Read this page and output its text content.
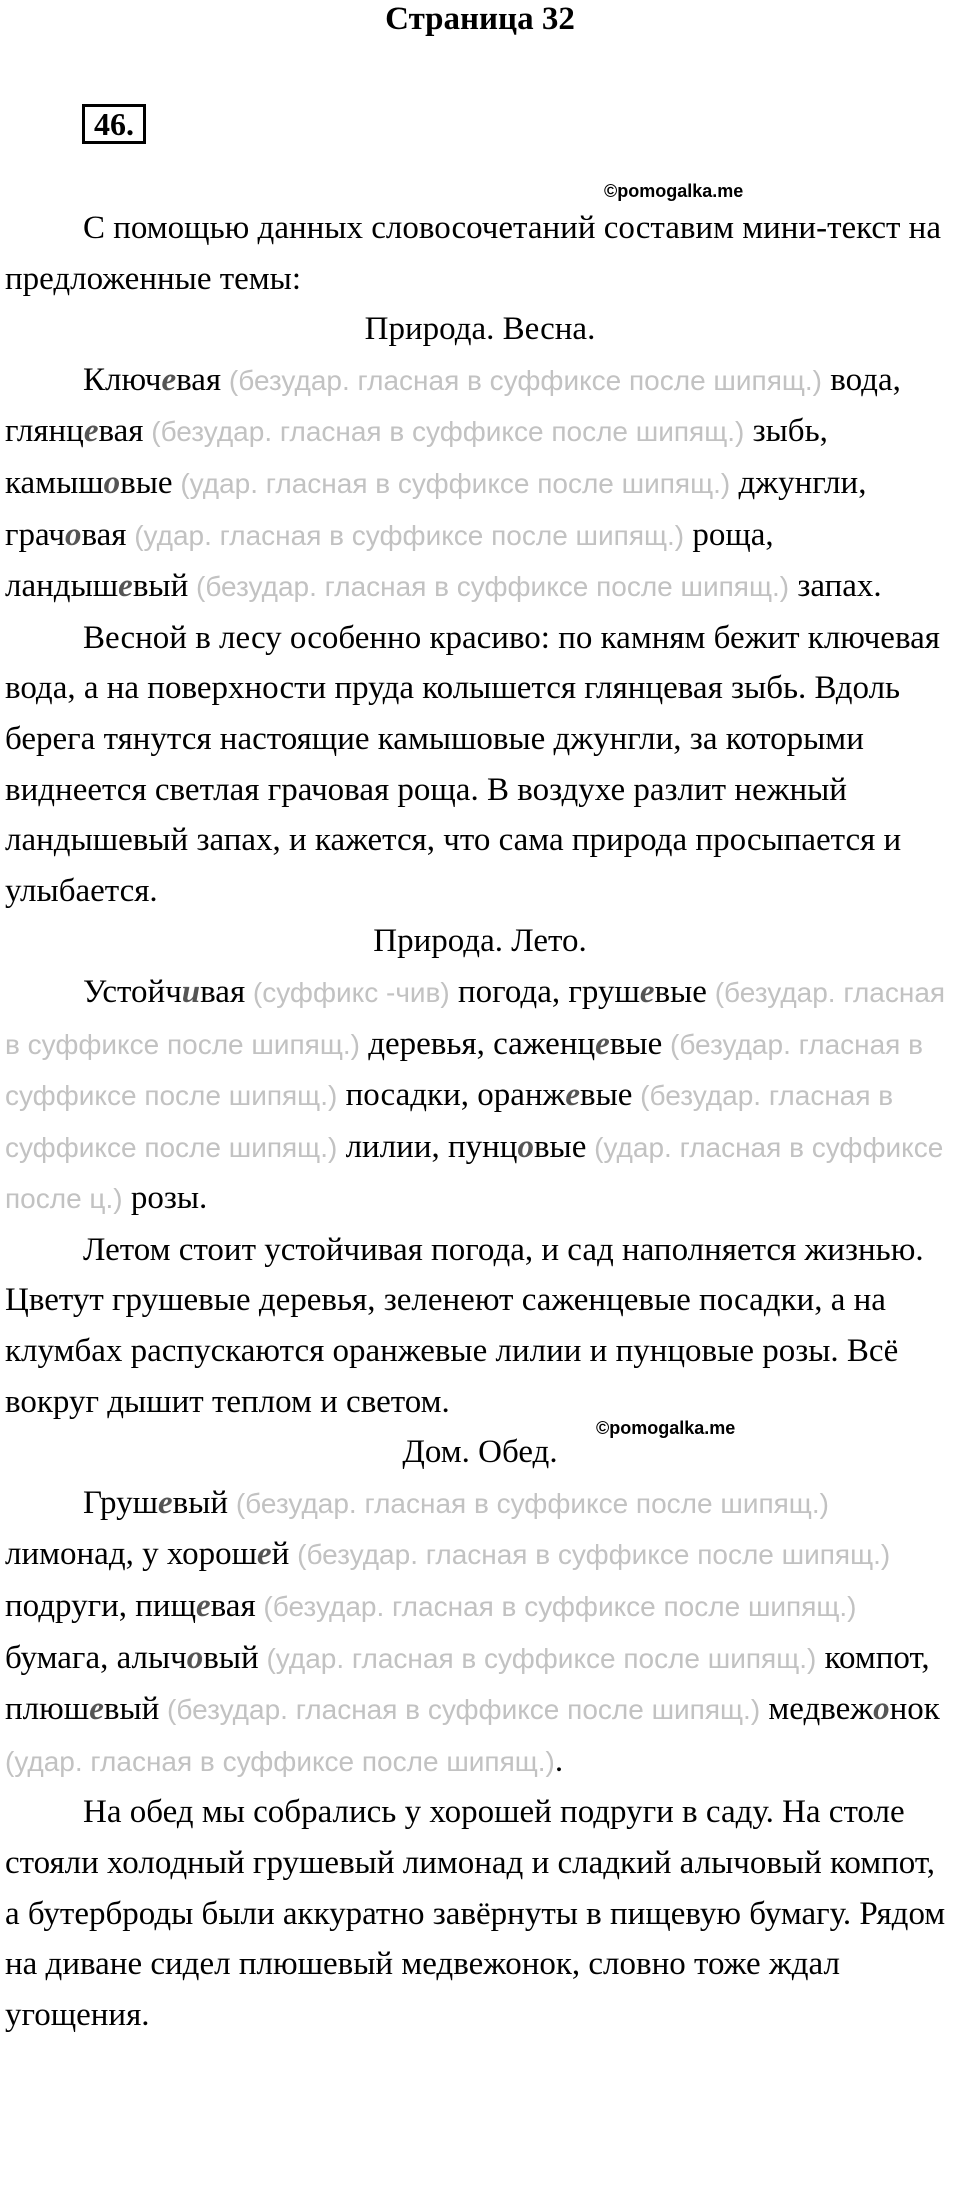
Страница 32
46.
©pomogalka.me
©pomogalka.me

С помощью данных словосочетаний составим мини-текст на предложенные темы:

Природа. Весна.

Ключевая (безудар. гласная в суффиксе после шипящ.) вода, глянцевая (безудар. гласная в суффиксе после шипящ.) зыбь, камышовые (удар. гласная в суффиксе после шипящ.) джунгли, грачовая (удар. гласная в суффиксе после шипящ.) роща, ландышевый (безудар. гласная в суффиксе после шипящ.) запах.

Весной в лесу особенно красиво: по камням бежит ключевая вода, а на поверхности пруда колышется глянцевая зыбь. Вдоль берега тянутся настоящие камышовые джунгли, за которыми виднеется светлая грачовая роща. В воздухе разлит нежный ландышевый запах, и кажется, что сама природа просыпается и улыбается.

Природа. Лето.

Устойчивая (суффикс -чив) погода, грушевые (безудар. гласная в суффиксе после шипящ.) деревья, саженцевые (безудар. гласная в суффиксе после шипящ.) посадки, оранжевые (безудар. гласная в суффиксе после шипящ.) лилии, пунцовые (удар. гласная в суффиксе после ц.) розы.

Летом стоит устойчивая погода, и сад наполняется жизнью. Цветут грушевые деревья, зеленеют саженцевые посадки, а на клумбах распускаются оранжевые лилии и пунцовые розы. Всё вокруг дышит теплом и светом.

Дом. Обед.

Грушевый (безудар. гласная в суффиксе после шипящ.) лимонад, у хорошей (безудар. гласная в суффиксе после шипящ.) подруги, пищевая (безудар. гласная в суффиксе после шипящ.) бумага, алычовый (удар. гласная в суффиксе после шипящ.) компот, плюшевый (безудар. гласная в суффиксе после шипящ.) медвежонок (удар. гласная в суффиксе после шипящ.).

На обед мы собрались у хорошей подруги в саду. На столе стояли холодный грушевый лимонад и сладкий алычовый компот, а бутерброды были аккуратно завёрнуты в пищевую бумагу. Рядом на диване сидел плюшевый медвежонок, словно тоже ждал угощения.
